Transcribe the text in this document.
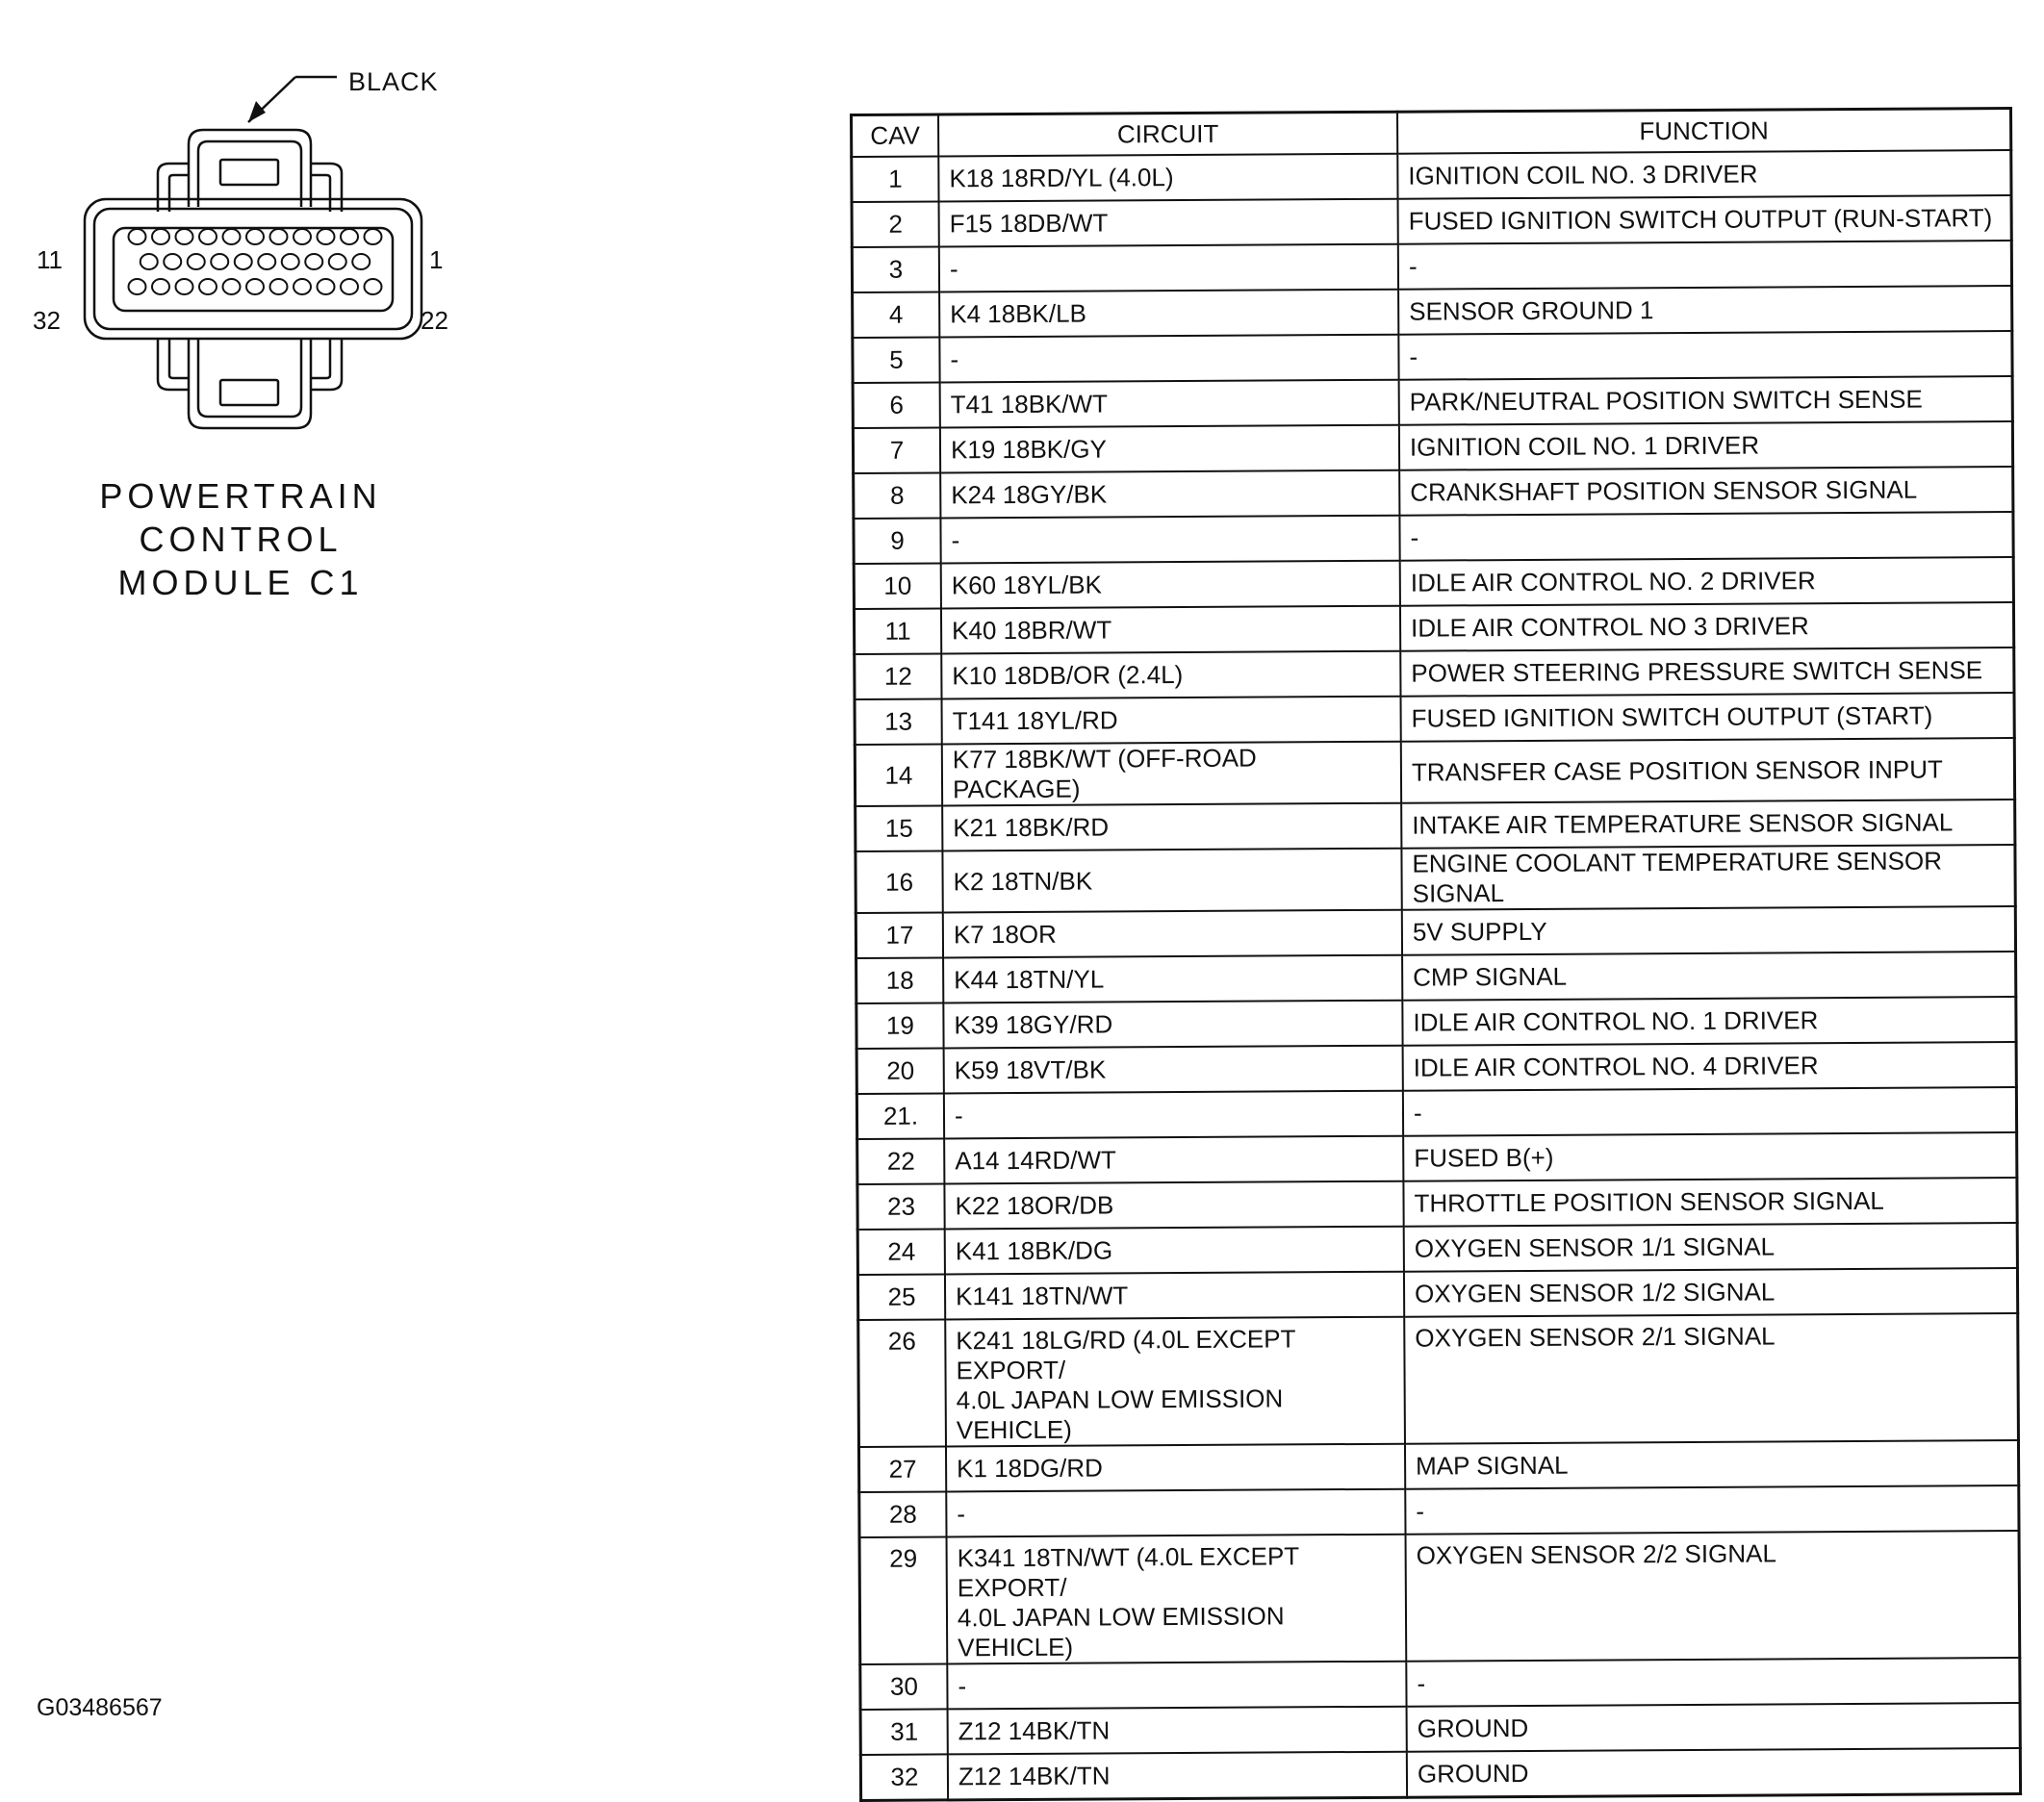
BLACK
11	1
32	22
POWERTRAIN
CONTROL
MODULE C1
CAV	CIRCUIT	FUNCTION
1	K18 18RD/YL (4.0L)	IGNITION COIL NO. 3 DRIVER
2	F15 18DB/WT	FUSED IGNITION SWITCH OUTPUT (RUN-START)
3	-	-
4	K4 18BK/LB	SENSOR GROUND 1
5	-	-
6	T41 18BK/WT	PARK/NEUTRAL POSITION SWITCH SENSE
7	K19 18BK/GY	IGNITION COIL NO. 1 DRIVER
8	K24 18GY/BK	CRANKSHAFT POSITION SENSOR SIGNAL
9	-	-
10	K60 18YL/BK	IDLE AIR CONTROL NO. 2 DRIVER
11	K40 18BR/WT	IDLE AIR CONTROL NO 3 DRIVER
12	K10 18DB/OR (2.4L)	POWER STEERING PRESSURE SWITCH SENSE
13	T141 18YL/RD	FUSED IGNITION SWITCH OUTPUT (START)
14	K77 18BK/WT (OFF-ROAD PACKAGE)	TRANSFER CASE POSITION SENSOR INPUT
15	K21 18BK/RD	INTAKE AIR TEMPERATURE SENSOR SIGNAL
16	K2 18TN/BK	ENGINE COOLANT TEMPERATURE SENSOR SIGNAL
17	K7 18OR	5V SUPPLY
18	K44 18TN/YL	CMP SIGNAL
19	K39 18GY/RD	IDLE AIR CONTROL NO. 1 DRIVER
20	K59 18VT/BK	IDLE AIR CONTROL NO. 4 DRIVER
21.	-	-
22	A14 14RD/WT	FUSED B(+)
23	K22 18OR/DB	THROTTLE POSITION SENSOR SIGNAL
24	K41 18BK/DG	OXYGEN SENSOR 1/1 SIGNAL
25	K141 18TN/WT	OXYGEN SENSOR 1/2 SIGNAL
26	K241 18LG/RD (4.0L EXCEPT EXPORT/
4.0L JAPAN LOW EMISSION VEHICLE)	OXYGEN SENSOR 2/1 SIGNAL
27	K1 18DG/RD	MAP SIGNAL
28	-	-
29	K341 18TN/WT (4.0L EXCEPT EXPORT/
4.0L JAPAN LOW EMISSION VEHICLE)	OXYGEN SENSOR 2/2 SIGNAL
30	-	-
31	Z12 14BK/TN	GROUND
32	Z12 14BK/TN	GROUND
G03486567
